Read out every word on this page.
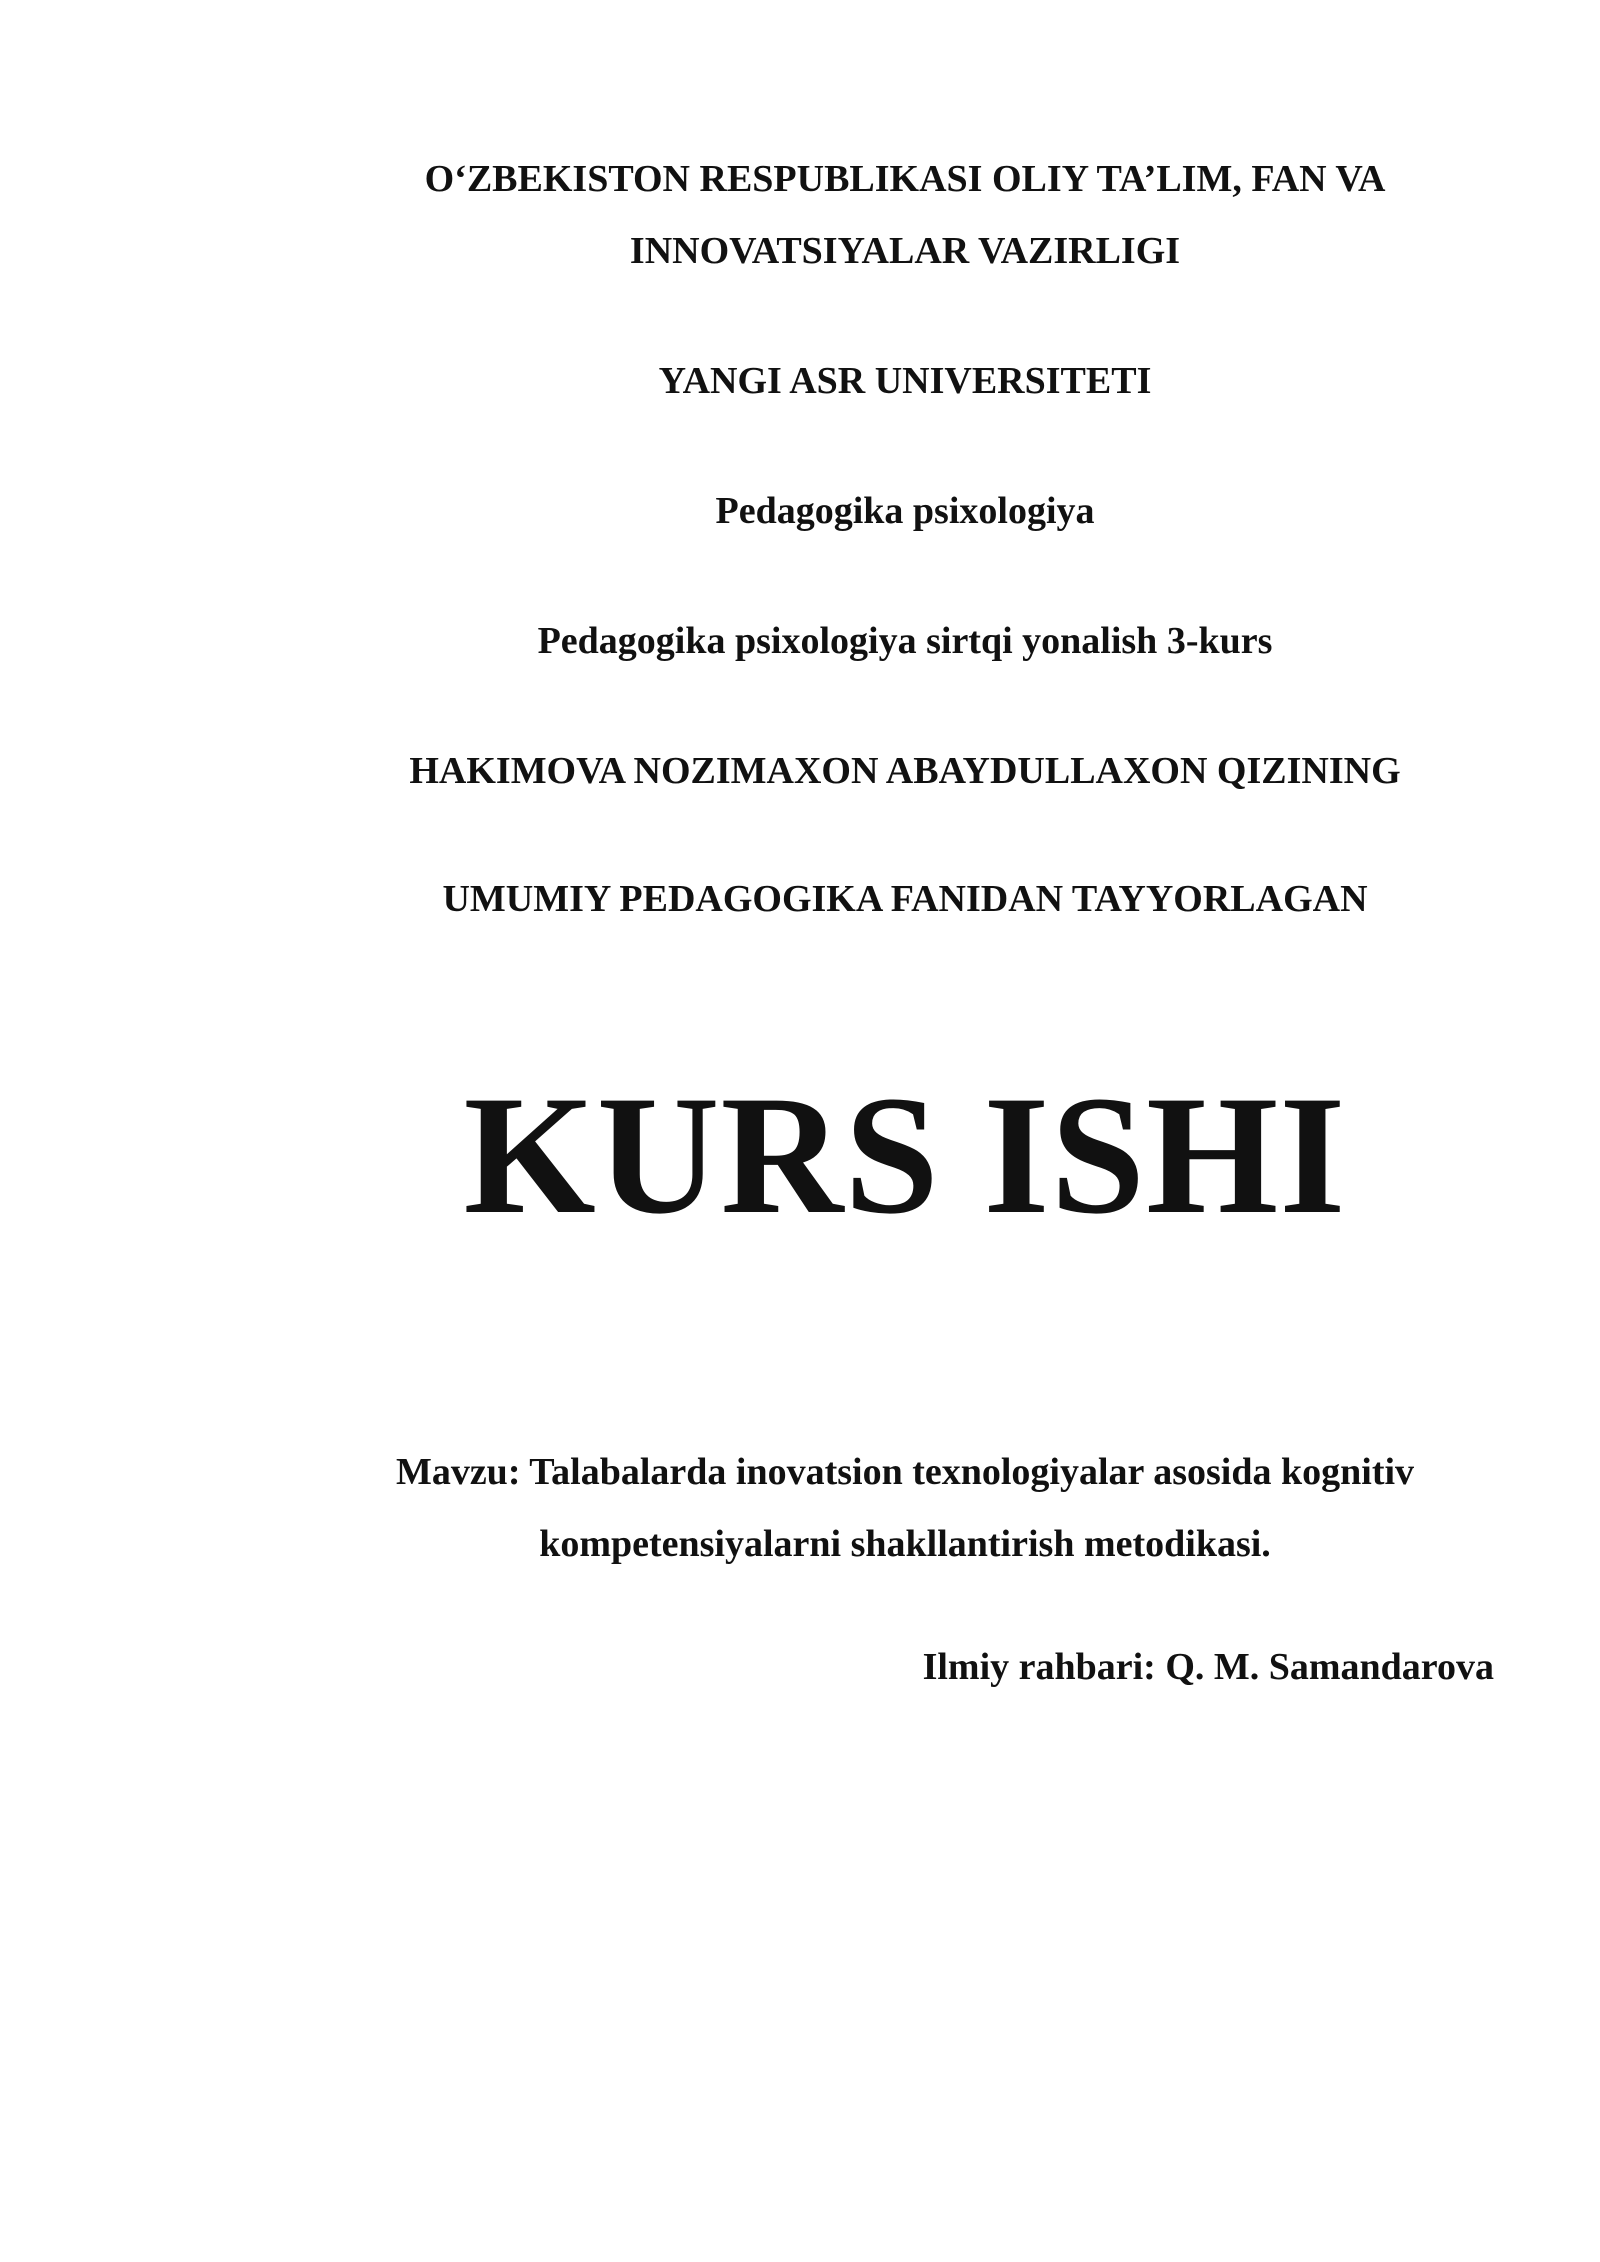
O‘ZBEKISTON RESPUBLIKASI OLIY TA’LIM, FAN VA
INNOVATSIYALAR VAZIRLIGI
YANGI ASR UNIVERSITETI
Pedagogika psixologiya
Pedagogika psixologiya sirtqi yonalish 3-kurs
HAKIMOVA NOZIMAXON ABAYDULLAXON QIZINING
UMUMIY PEDAGOGIKA FANIDAN TAYYORLAGAN
KURS ISHI
Mavzu: Talabalarda inovatsion texnologiyalar asosida kognitiv
kompetensiyalarni shakllantirish metodikasi.
Ilmiy rahbari: Q. M. Samandarova
